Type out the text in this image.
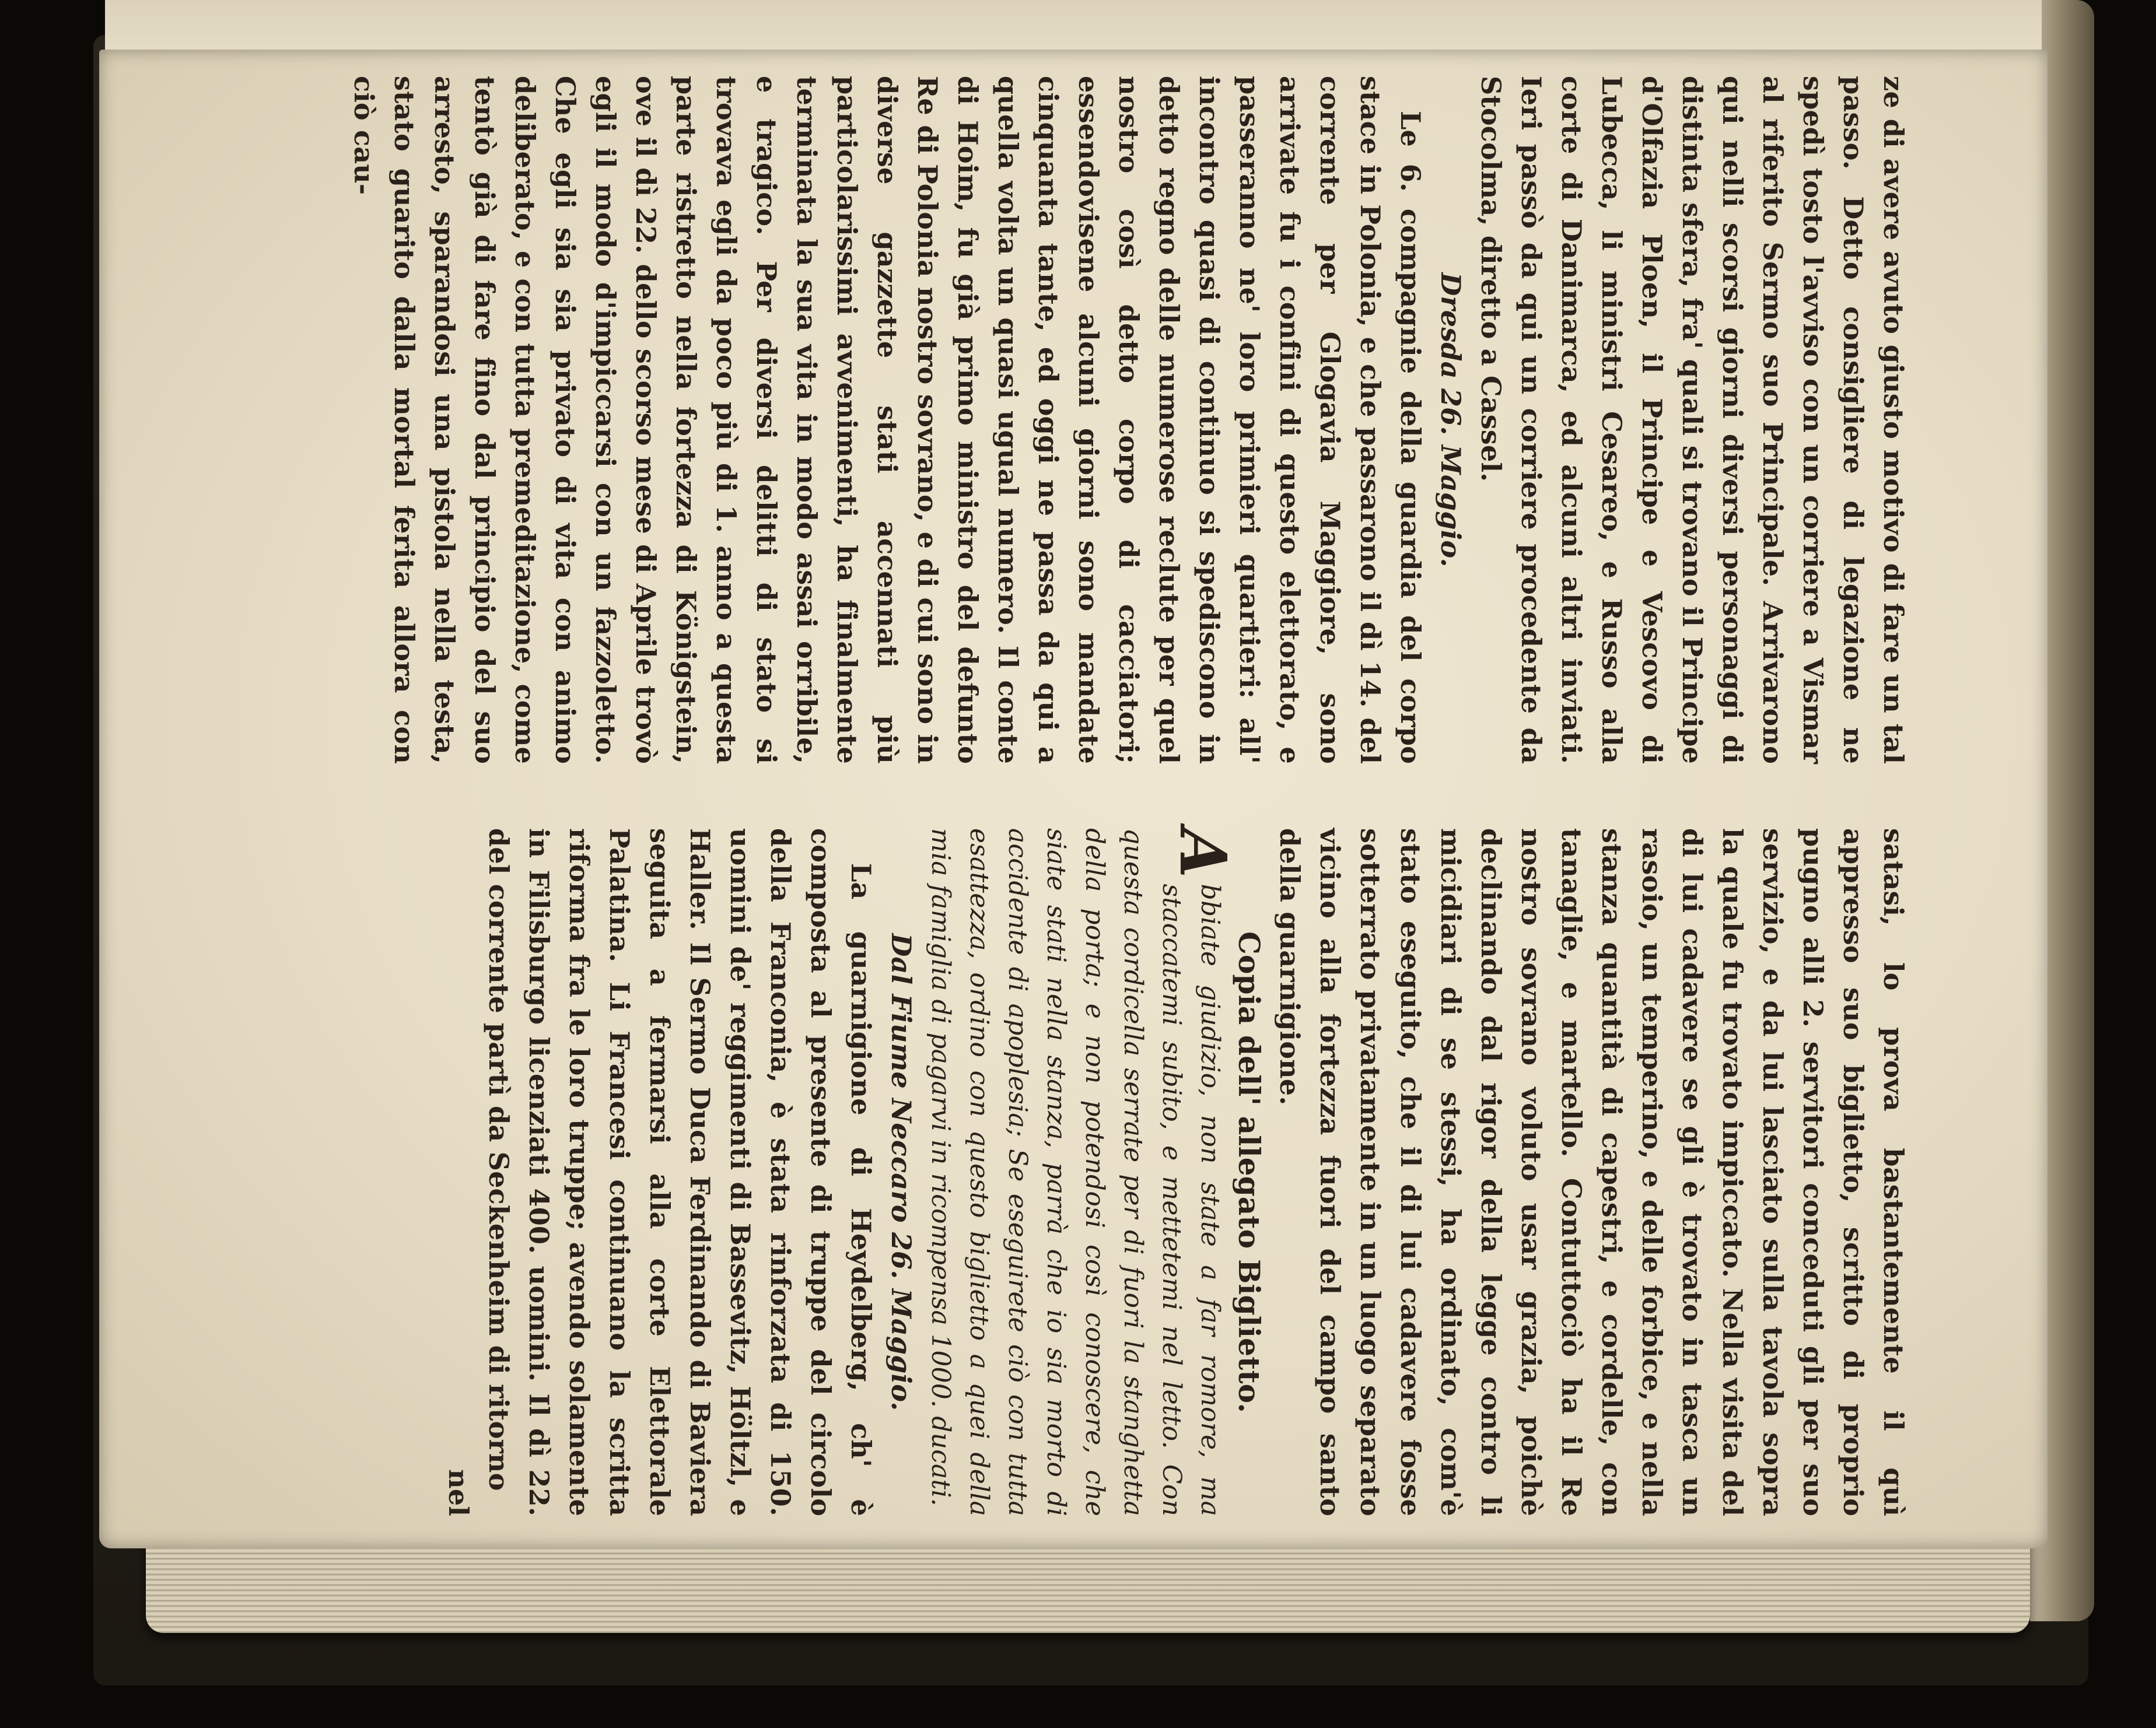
ze di avere avuto giusto motivo di fare un tal passo. Detto consigliere di legazione ne spedì tosto l'avviso con un corriere a Vismar al riferito Sermo suo Principale. Arrivarono qui nelli scorsi giorni diversi personaggi di distinta sfera, fra' quali si trovano il Principe d'Olfazia Ploen, il Principe e Vescovo di Lubecca, li ministri Cesareo, e Russo alla corte di Danimarca, ed alcuni altri inviati. Ieri passò da qui un corriere procedente da Stocolma, diretto a Cassel.

Dresda 26. Maggio.

Le 6. compagnie della guardia del corpo stace in Polonia, e che passarono il dì 14. del corrente per Glogavia Maggiore, sono arrivate fu i confini di questo elettorato, e passeranno ne' loro primieri quartieri: all' incontro quasi di continuo si spediscono in detto regno delle numerose reclute per quel nostro così detto corpo di cacciatori; essendovisene alcuni giorni sono mandate cinquanta tante, ed oggi ne passa da qui a quella volta un quasi ugual numero. Il conte di Hoim, fu già primo ministro del defunto Re di Polonia nostro sovrano, e di cui sono in diverse gazzette stati accennati più particolarissimi avvenimenti, ha finalmente terminata la sua vita in modo assai orribile, e tragico. Per diversi delitti di stato si trovava egli da poco più di 1. anno a questa parte ristretto nella fortezza di Königstein, ove il dì 22. dello scorso mese di Aprile trovò egli il modo d'impiccarsi con un fazzoletto. Che egli sia sia privato di vita con animo deliberato, e con tutta premeditazione, come tentò già di fare fino dal principio del suo arresto, sparandosi una pistola nella testa, stato guarito dalla mortal ferita allora con ciò cau-

satasi, lo prova bastantemente il quì appresso suo biglietto, scritto di proprio pugno alli 2. servitori conceduti gli per suo servizio, e da lui lasciato sulla tavola sopra la quale fu trovato impiccato. Nella visita del di lui cadavere se gli è trovato in tasca un rasoio, un temperino, e delle forbice, e nella stanza quantità di capestri, e cordelle, con tanaglie, e martello. Contuttociò ha il Re nostro sovrano voluto usar grazia, poichè declinando dal rigor della legge contro li micidiari di se stessi, ha ordinato, com'è stato eseguito, che il di lui cadavere fosse sotterrato privatamente in un luogo separato vicino alla fortezza fuori del campo santo della guarnigione.

Copia dell' allegato Biglietto.

A
bbiate giudizio, non state a far romore, ma staccatemi subito, e mettetemi nel letto. Con questa cordicella serrate per di fuori la stanghetta della porta; e non potendosi così conoscere, che siate stati nella stanza, parrà che io sia morto di accidente di apoplesia; Se eseguirete ciò con tutta esattezza, ordino con questo biglietto a quei della mia famiglia di pagarvi in ricompensa 1000. ducati.

Dal Fiume Neccaro 26. Maggio.

La guarnigione di Heydelberg, ch' è composta al presente di truppe del circolo della Franconia, è stata rinforzata di 150. uomini de' reggimenti di Bassevitz, Höltzl, e Haller. Il Sermo Duca Ferdinando di Baviera seguita a fermarsi alla corte Elettorale Palatina. Li Francesi continuano la scritta riforma fra le loro truppe; avendo solamente in Filisburgo licenziati 400. uomini. Il dì 22. del corrente partì da Seckenheim di ritorno

nel
